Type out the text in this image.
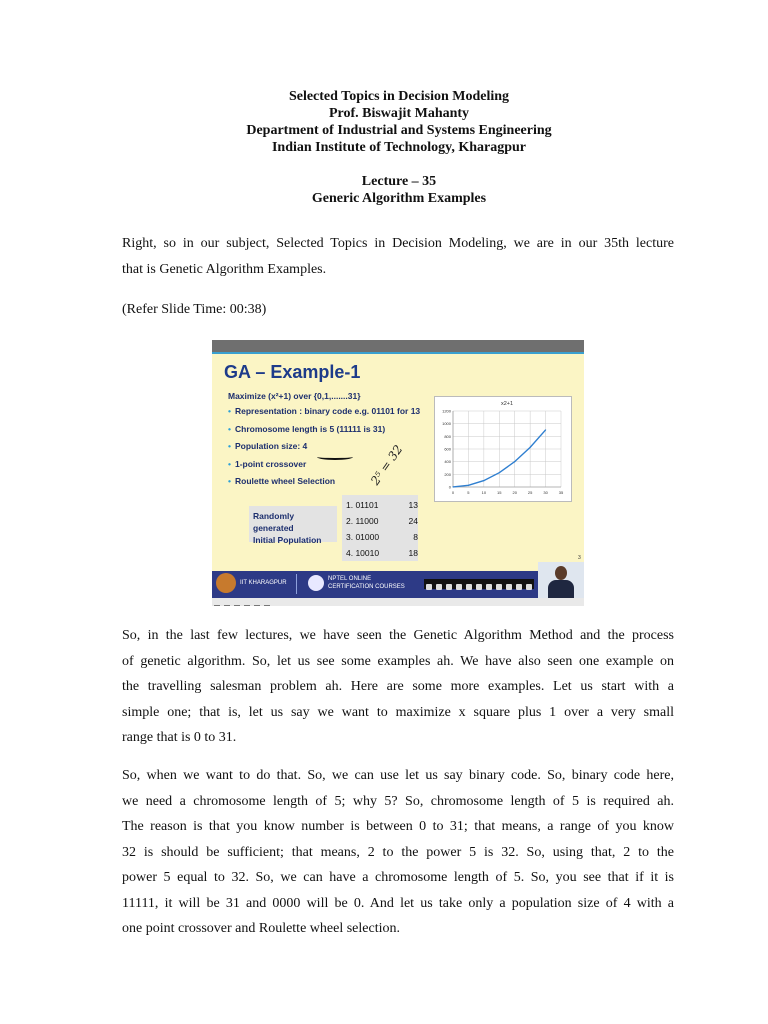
Selected Topics in Decision Modeling
Prof. Biswajit Mahanty
Department of Industrial and Systems Engineering
Indian Institute of Technology, Kharagpur
Lecture – 35
Generic Algorithm Examples
Right, so in our subject, Selected Topics in Decision Modeling, we are in our 35th lecture
that is Genetic Algorithm Examples.
(Refer Slide Time: 00:38)
GA – Example-1
Maximize (x²+1) over {0,1,.......31}
• Representation : binary code e.g. 01101 for 13
• Chromosome length is 5 (11111 is 31)
• Population size: 4
• 1-point crossover
• Roulette wheel Selection	2⁵ = 32
x2+1
0	5	10	15	20	25	30	35
0
200
400
600
800
1000
1200
Randomly generated
Initial Population
1. 01101	13
2. 11000	24
3. 01000	8
4. 10010	18	3
IIT KHARAGPUR
NPTEL ONLINE
CERTIFICATION COURSES
So, in the last few lectures, we have seen the Genetic Algorithm Method and the process
of genetic algorithm. So, let us see some examples ah. We have also seen one example on
the travelling salesman problem ah. Here are some more examples. Let us start with a
simple one; that is, let us say we want to maximize x square plus 1 over a very small
range that is 0 to 31.
So, when we want to do that. So, we can use let us say binary code. So, binary code here,
we need a chromosome length of 5; why 5? So, chromosome length of 5 is required ah.
The reason is that you know number is between 0 to 31; that means, a range of you know
32 is should be sufficient; that means, 2 to the power 5 is 32. So, using that, 2 to the
power 5 equal to 32. So, we can have a chromosome length of 5. So, you see that if it is
11111, it will be 31 and 0000 will be 0. And let us take only a population size of 4 with a
one point crossover and Roulette wheel selection.
